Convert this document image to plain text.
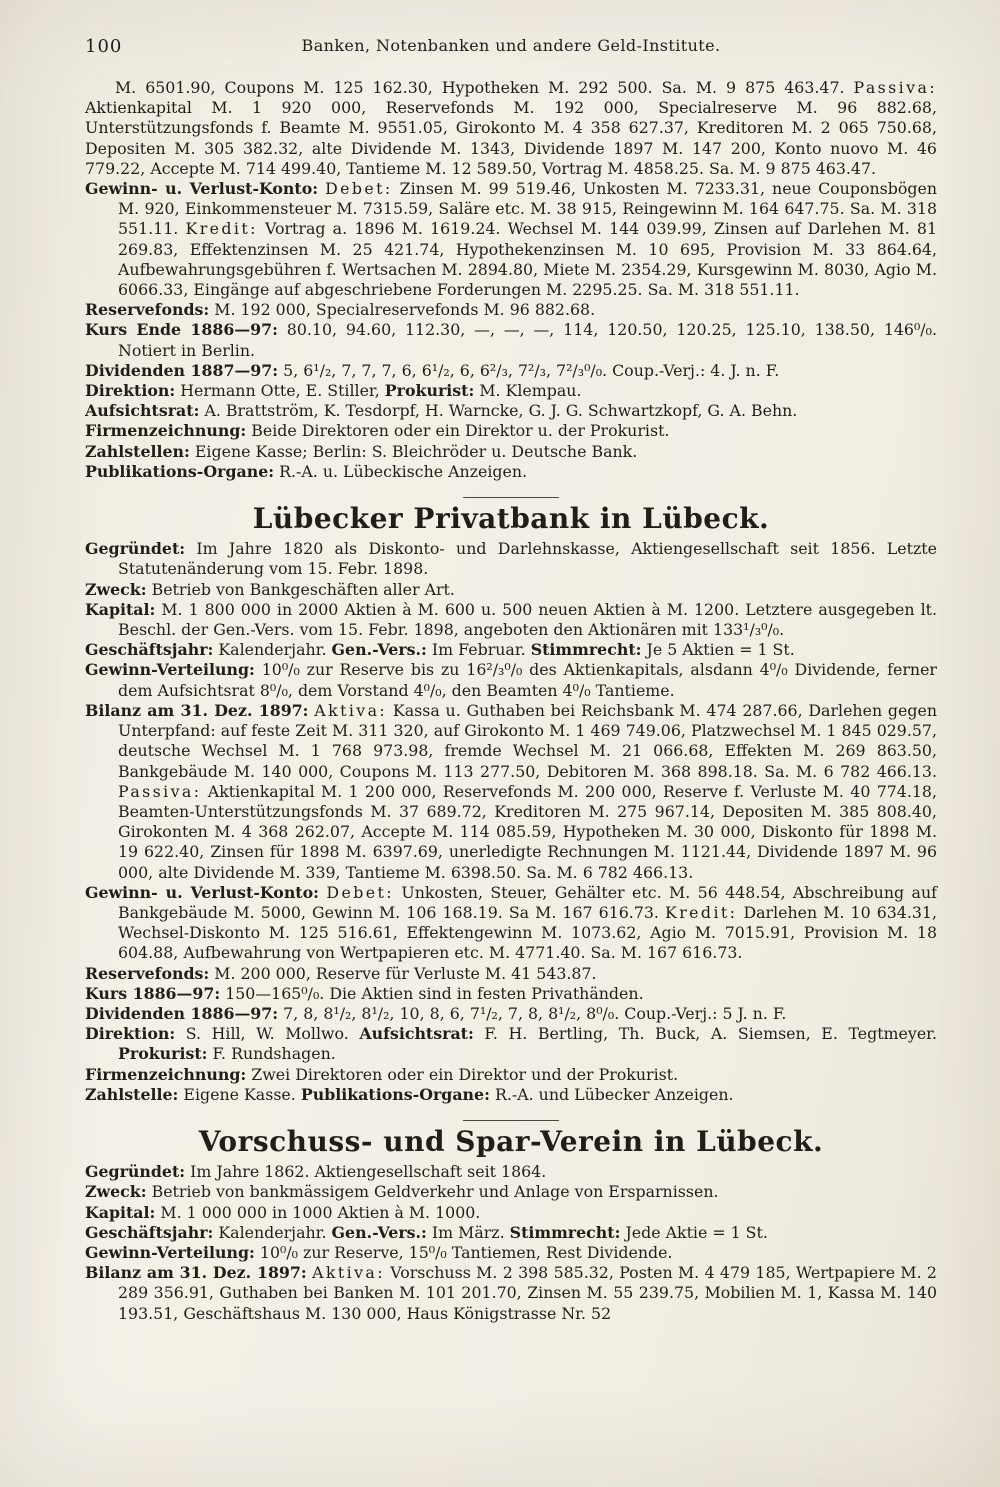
100	Banken, Notenbanken und andere Geld-Institute.

M. 6501.90, Coupons M. 125 162.30, Hypotheken M. 292 500. Sa. M. 9 875 463.47. Passiva: Aktienkapital M. 1 920 000, Reservefonds M. 192 000, Specialreserve M. 96 882.68, Unterstützungsfonds f. Beamte M. 9551.05, Girokonto M. 4 358 627.37, Kreditoren M. 2 065 750.68, Depositen M. 305 382.32, alte Dividende M. 1343, Dividende 1897 M. 147 200, Konto nuovo M. 46 779.22, Accepte M. 714 499.40, Tantieme M. 12 589.50, Vortrag M. 4858.25. Sa. M. 9 875 463.47.

Gewinn- u. Verlust-Konto: Debet: Zinsen M. 99 519.46, Unkosten M. 7233.31, neue Couponsbögen M. 920, Einkommensteuer M. 7315.59, Saläre etc. M. 38 915, Reingewinn M. 164 647.75. Sa. M. 318 551.11. Kredit: Vortrag a. 1896 M. 1619.24. Wechsel M. 144 039.99, Zinsen auf Darlehen M. 81 269.83, Effektenzinsen M. 25 421.74, Hypothekenzinsen M. 10 695, Provision M. 33 864.64, Aufbewahrungsgebühren f. Wertsachen M. 2894.80, Miete M. 2354.29, Kursgewinn M. 8030, Agio M. 6066.33, Eingänge auf abgeschriebene Forderungen M. 2295.25. Sa. M. 318 551.11.

Reservefonds: M. 192 000, Specialreservefonds M. 96 882.68.

Kurs Ende 1886—97: 80.10, 94.60, 112.30, —, —, —, 114, 120.50, 120.25, 125.10, 138.50, 146⁰/₀. Notiert in Berlin.

Dividenden 1887—97: 5, 6¹/₂, 7, 7, 7, 6, 6¹/₂, 6, 6²/₃, 7²/₃, 7²/₃⁰/₀. Coup.-Verj.: 4. J. n. F.

Direktion: Hermann Otte, E. Stiller, Prokurist: M. Klempau.

Aufsichtsrat: A. Brattström, K. Tesdorpf, H. Warncke, G. J. G. Schwartzkopf, G. A. Behn.

Firmenzeichnung: Beide Direktoren oder ein Direktor u. der Prokurist.

Zahlstellen: Eigene Kasse; Berlin: S. Bleichröder u. Deutsche Bank.

Publikations-Organe: R.-A. u. Lübeckische Anzeigen.

Lübecker Privatbank in Lübeck.

Gegründet: Im Jahre 1820 als Diskonto- und Darlehnskasse, Aktiengesellschaft seit 1856. Letzte Statutenänderung vom 15. Febr. 1898.

Zweck: Betrieb von Bankgeschäften aller Art.

Kapital: M. 1 800 000 in 2000 Aktien à M. 600 u. 500 neuen Aktien à M. 1200. Letztere ausgegeben lt. Beschl. der Gen.-Vers. vom 15. Febr. 1898, angeboten den Aktionären mit 133¹/₃⁰/₀.

Geschäftsjahr: Kalenderjahr. Gen.-Vers.: Im Februar. Stimmrecht: Je 5 Aktien = 1 St.

Gewinn-Verteilung: 10⁰/₀ zur Reserve bis zu 16²/₃⁰/₀ des Aktienkapitals, alsdann 4⁰/₀ Dividende, ferner dem Aufsichtsrat 8⁰/₀, dem Vorstand 4⁰/₀, den Beamten 4⁰/₀ Tantieme.

Bilanz am 31. Dez. 1897: Aktiva: Kassa u. Guthaben bei Reichsbank M. 474 287.66, Darlehen gegen Unterpfand: auf feste Zeit M. 311 320, auf Girokonto M. 1 469 749.06, Platzwechsel M. 1 845 029.57, deutsche Wechsel M. 1 768 973.98, fremde Wechsel M. 21 066.68, Effekten M. 269 863.50, Bankgebäude M. 140 000, Coupons M. 113 277.50, Debitoren M. 368 898.18. Sa. M. 6 782 466.13. Passiva: Aktienkapital M. 1 200 000, Reservefonds M. 200 000, Reserve f. Verluste M. 40 774.18, Beamten-Unterstützungsfonds M. 37 689.72, Kreditoren M. 275 967.14, Depositen M. 385 808.40, Girokonten M. 4 368 262.07, Accepte M. 114 085.59, Hypotheken M. 30 000, Diskonto für 1898 M. 19 622.40, Zinsen für 1898 M. 6397.69, unerledigte Rechnungen M. 1121.44, Dividende 1897 M. 96 000, alte Dividende M. 339, Tantieme M. 6398.50. Sa. M. 6 782 466.13.

Gewinn- u. Verlust-Konto: Debet: Unkosten, Steuer, Gehälter etc. M. 56 448.54, Abschreibung auf Bankgebäude M. 5000, Gewinn M. 106 168.19. Sa M. 167 616.73. Kredit: Darlehen M. 10 634.31, Wechsel-Diskonto M. 125 516.61, Effektengewinn M. 1073.62, Agio M. 7015.91, Provision M. 18 604.88, Aufbewahrung von Wertpapieren etc. M. 4771.40. Sa. M. 167 616.73.

Reservefonds: M. 200 000, Reserve für Verluste M. 41 543.87.

Kurs 1886—97: 150—165⁰/₀. Die Aktien sind in festen Privathänden.

Dividenden 1886—97: 7, 8, 8¹/₂, 8¹/₂, 10, 8, 6, 7¹/₂, 7, 8, 8¹/₂, 8⁰/₀. Coup.-Verj.: 5 J. n. F.

Direktion: S. Hill, W. Mollwo. Aufsichtsrat: F. H. Bertling, Th. Buck, A. Siemsen, E. Tegtmeyer. Prokurist: F. Rundshagen.

Firmenzeichnung: Zwei Direktoren oder ein Direktor und der Prokurist.

Zahlstelle: Eigene Kasse. Publikations-Organe: R.-A. und Lübecker Anzeigen.

Vorschuss- und Spar-Verein in Lübeck.

Gegründet: Im Jahre 1862. Aktiengesellschaft seit 1864.

Zweck: Betrieb von bankmässigem Geldverkehr und Anlage von Ersparnissen.

Kapital: M. 1 000 000 in 1000 Aktien à M. 1000.

Geschäftsjahr: Kalenderjahr. Gen.-Vers.: Im März. Stimmrecht: Jede Aktie = 1 St.

Gewinn-Verteilung: 10⁰/₀ zur Reserve, 15⁰/₀ Tantiemen, Rest Dividende.

Bilanz am 31. Dez. 1897: Aktiva: Vorschuss M. 2 398 585.32, Posten M. 4 479 185, Wertpapiere M. 2 289 356.91, Guthaben bei Banken M. 101 201.70, Zinsen M. 55 239.75, Mobilien M. 1, Kassa M. 140 193.51, Geschäftshaus M. 130 000, Haus Königstrasse Nr. 52
